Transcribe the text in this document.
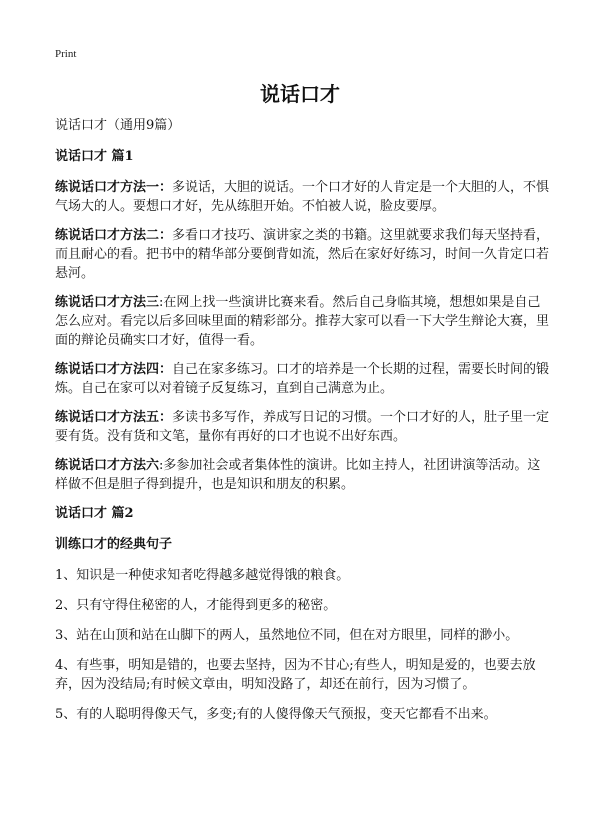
Print
说话口才

说话口才（通用9篇）

说话口才 篇1

练说话口才方法一：多说话，大胆的说话。一个口才好的人肯定是一个大胆的人，不惧气场大的人。要想口才好，先从练胆开始。不怕被人说，脸皮要厚。

练说话口才方法二：多看口才技巧、演讲家之类的书籍。这里就要求我们每天坚持看，而且耐心的看。把书中的精华部分要倒背如流，然后在家好好练习，时间一久肯定口若悬河。

练说话口才方法三:在网上找一些演讲比赛来看。然后自己身临其境，想想如果是自己怎么应对。看完以后多回味里面的精彩部分。推荐大家可以看一下大学生辩论大赛，里面的辩论员确实口才好，值得一看。

练说话口才方法四：自己在家多练习。口才的培养是一个长期的过程，需要长时间的锻炼。自己在家可以对着镜子反复练习，直到自己满意为止。

练说话口才方法五：多读书多写作，养成写日记的习惯。一个口才好的人，肚子里一定要有货。没有货和文笔，量你有再好的口才也说不出好东西。

练说话口才方法六:多参加社会或者集体性的演讲。比如主持人，社团讲演等活动。这样做不但是胆子得到提升，也是知识和朋友的积累。

说话口才 篇2

训练口才的经典句子

1、知识是一种使求知者吃得越多越觉得饿的粮食。

2、只有守得住秘密的人，才能得到更多的秘密。

3、站在山顶和站在山脚下的两人，虽然地位不同，但在对方眼里，同样的渺小。

4、有些事，明知是错的，也要去坚持，因为不甘心;有些人，明知是爱的，也要去放弃，因为没结局;有时候文章由，明知没路了，却还在前行，因为习惯了。

5、有的人聪明得像天气，多变;有的人傻得像天气预报，变天它都看不出来。
